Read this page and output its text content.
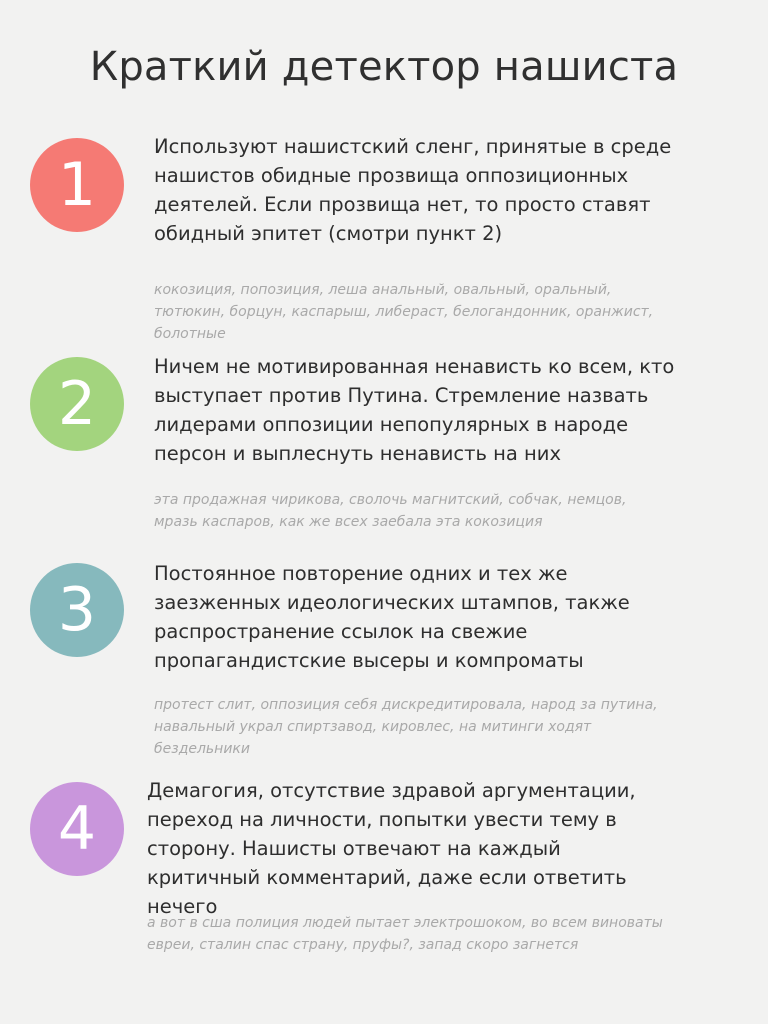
Краткий детектор нашиста
1

Используют нашистский сленг, принятые в среде нашистов обидные прозвища оппозиционных деятелей. Если прозвища нет, то просто ставят обидный эпитет (смотри пункт 2)

кокозиция, попозиция, леша анальный, овальный, оральный, тютюкин, борцун, каспарыш, либераст, белогандонник, оранжист, болотные

2

Ничем не мотивированная ненависть ко всем, кто выступает против Путина. Стремление назвать лидерами оппозиции непопулярных в народе персон и выплеснуть ненависть на них

эта продажная чирикова, сволочь магнитский, собчак, немцов, мразь каспаров, как же всех заебала эта кокозиция

3

Постоянное повторение одних и тех же заезженных идеологических штампов, также распространение ссылок на свежие пропагандистские высеры и компроматы

протест слит, оппозиция себя дискредитировала, народ за путина, навальный украл спиртзавод, кировлес, на митинги ходят бездельники

4

Демагогия, отсутствие здравой аргументации, переход на личности, попытки увести тему в сторону. Нашисты отвечают на каждый критичный комментарий, даже если ответить нечего

а вот в сша полиция людей пытает электрошоком, во всем виноваты евреи, сталин спас страну, пруфы?, запад скоро загнется
